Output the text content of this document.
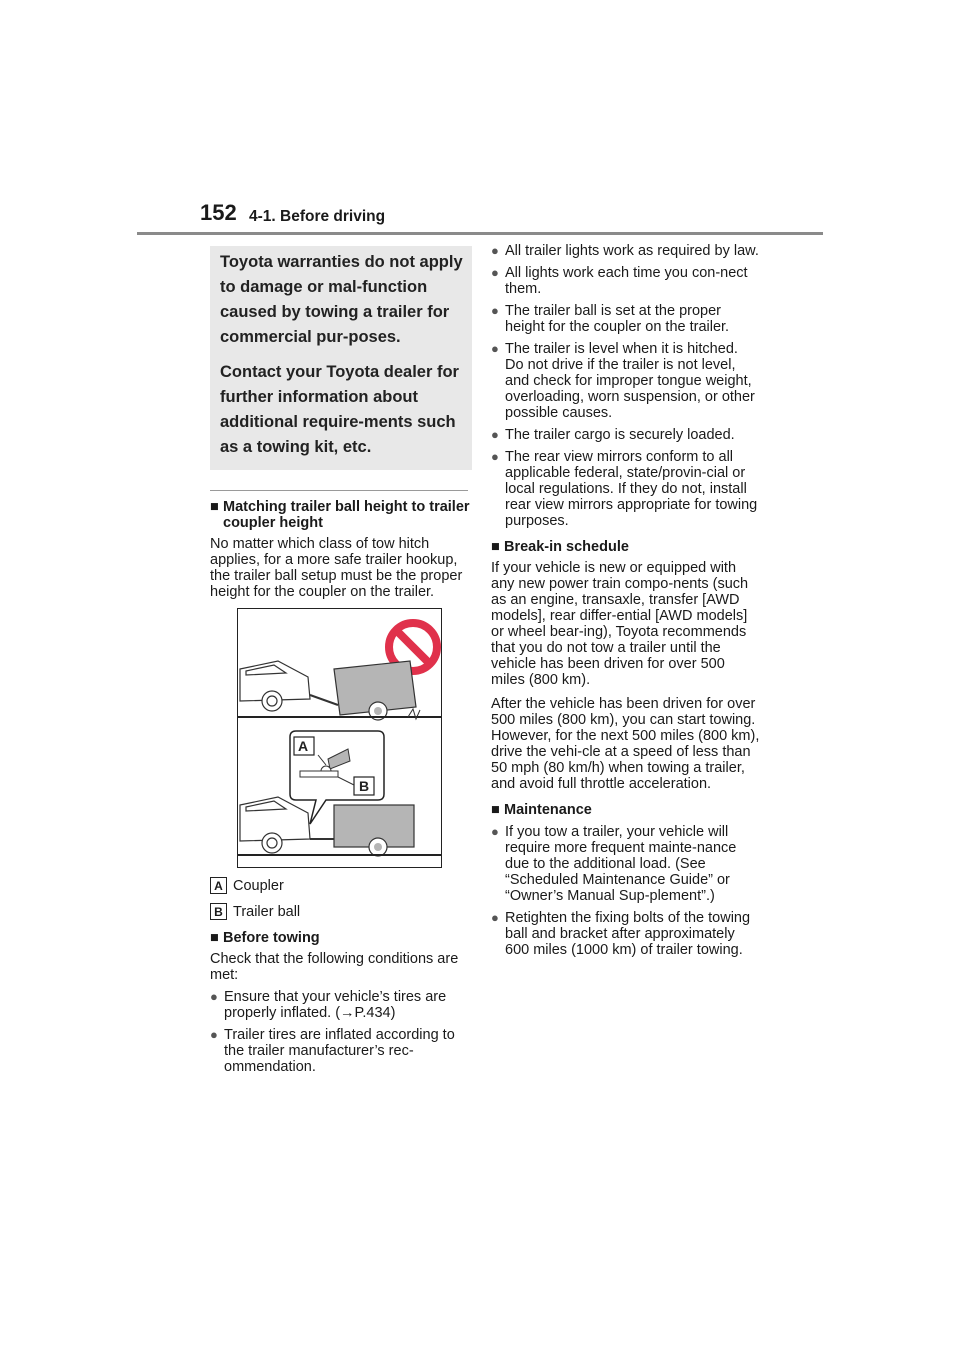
152 4-1. Before driving

Toyota warranties do not apply to damage or mal-function caused by towing a trailer for commercial pur-poses.

Contact your Toyota dealer for further information about additional require-ments such as a towing kit, etc.

■ Matching trailer ball height to trailer coupler height
No matter which class of tow hitch applies, for a more safe trailer hookup, the trailer ball setup must be the proper height for the coupler on the trailer.
A
B
A Coupler
B Trailer ball
■ Before towing
Check that the following conditions are met:
● Ensure that your vehicle’s tires are properly inflated. (→P.434)
● Trailer tires are inflated according to the trailer manufacturer’s rec-ommendation.
● All trailer lights work as required by law.
● All lights work each time you con-nect them.
● The trailer ball is set at the proper height for the coupler on the trailer.
● The trailer is level when it is hitched.
Do not drive if the trailer is not level, and check for improper tongue weight, overloading, worn suspension, or other possible causes.
● The trailer cargo is securely loaded.
● The rear view mirrors conform to all applicable federal, state/provin-cial or local regulations. If they do not, install rear view mirrors appropriate for towing purposes.
■ Break-in schedule
If your vehicle is new or equipped with any new power train compo-nents (such as an engine, transaxle, transfer [AWD models], rear differ-ential [AWD models] or wheel bear-ing), Toyota recommends that you do not tow a trailer until the vehicle has been driven for over 500 miles (800 km).
After the vehicle has been driven for over 500 miles (800 km), you can start towing. However, for the next 500 miles (800 km), drive the vehi-cle at a speed of less than 50 mph (80 km/h) when towing a trailer, and avoid full throttle acceleration.
■ Maintenance
● If you tow a trailer, your vehicle will require more frequent mainte-nance due to the additional load. (See “Scheduled Maintenance Guide” or “Owner’s Manual Sup-plement”.)
● Retighten the fixing bolts of the towing ball and bracket after approximately 600 miles (1000 km) of trailer towing.
